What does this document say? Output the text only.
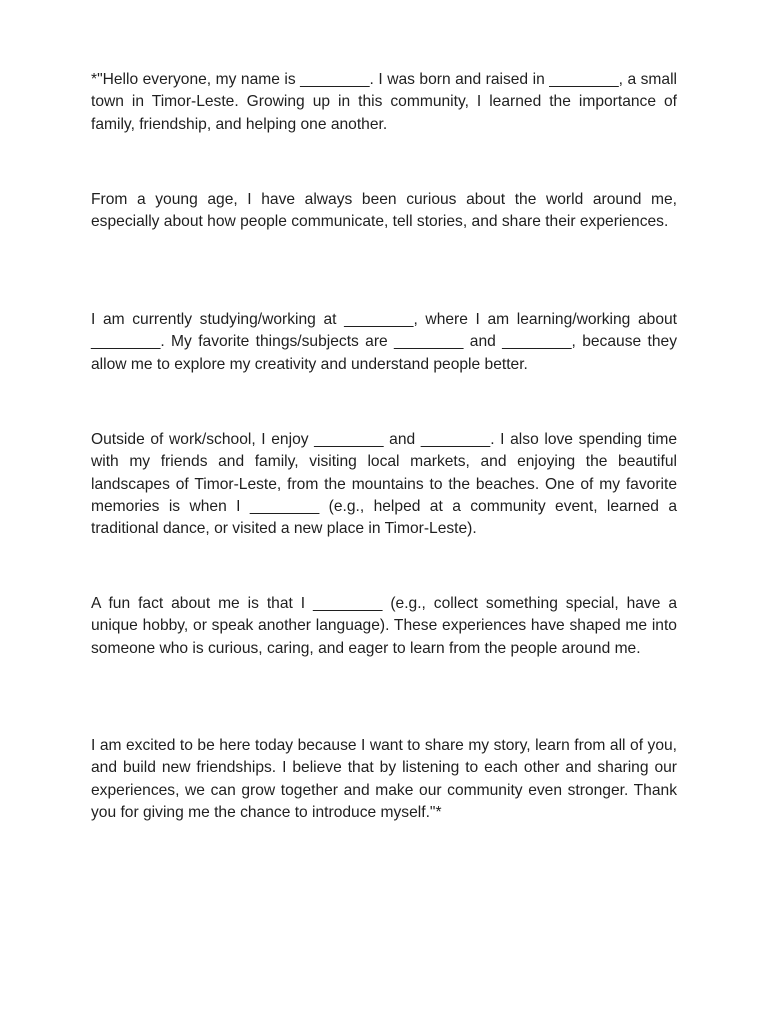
*"Hello everyone, my name is ________. I was born and raised in ________, a small town in Timor-Leste. Growing up in this community, I learned the importance of family, friendship, and helping one another.

From a young age, I have always been curious about the world around me, especially about how people communicate, tell stories, and share their experiences.

I am currently studying/working at ________, where I am learning/working about ________. My favorite things/subjects are ________ and ________, because they allow me to explore my creativity and understand people better.

Outside of work/school, I enjoy ________ and ________. I also love spending time with my friends and family, visiting local markets, and enjoying the beautiful landscapes of Timor-Leste, from the mountains to the beaches. One of my favorite memories is when I ________ (e.g., helped at a community event, learned a traditional dance, or visited a new place in Timor-Leste).

A fun fact about me is that I ________ (e.g., collect something special, have a unique hobby, or speak another language). These experiences have shaped me into someone who is curious, caring, and eager to learn from the people around me.

I am excited to be here today because I want to share my story, learn from all of you, and build new friendships. I believe that by listening to each other and sharing our experiences, we can grow together and make our community even stronger. Thank you for giving me the chance to introduce myself."*
